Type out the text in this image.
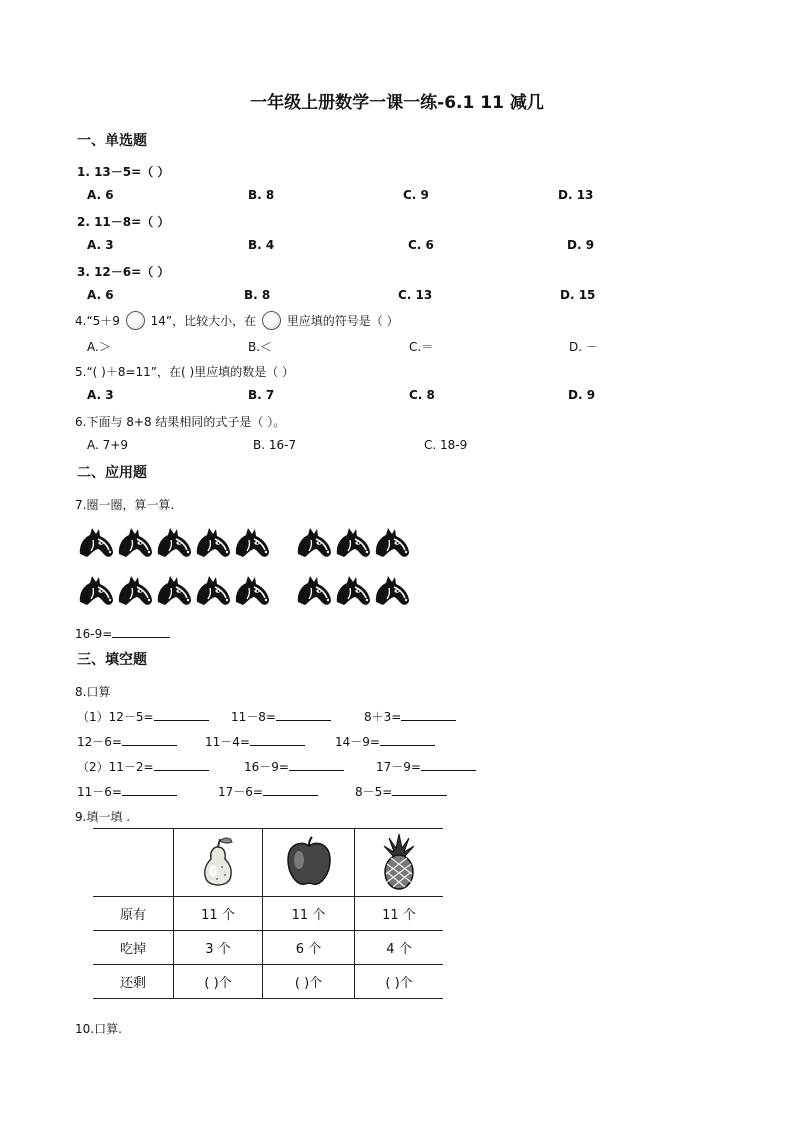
一年级上册数学一课一练-6.1 11 减几
一、单选题
1. 13－5=（ ）
A. 6	B. 8	C. 9	D. 13
2. 11－8=（ ）
A. 3	B. 4	C. 6	D. 9
3. 12－6=（ ）
A. 6	B. 8	C. 13	D. 15
4.“5＋9	14”，比较大小，在	里应填的符号是（ ）
A.＞	B.＜	C.＝	D. －
5.“( )＋8=11”，在( )里应填的数是（ ）
A. 3	B. 7	C. 8	D. 9
6.下面与 8+8 结果相同的式子是（ ）。
A. 7+9	B. 16-7	C. 18-9
二、应用题
7.圈一圈，算一算.
16-9=
三、填空题
8.口算
（1）12－5=	11－8=	8＋3=
12－6=	11－4=	14－9=
（2）11－2=	16－9=	17－9=
11－6=	17－6=	8－5=
9.填一填 .

原有	11 个	11 个	11 个
吃掉	3 个	6 个	4 个
还剩	( )个	( )个	( )个
10.口算.
